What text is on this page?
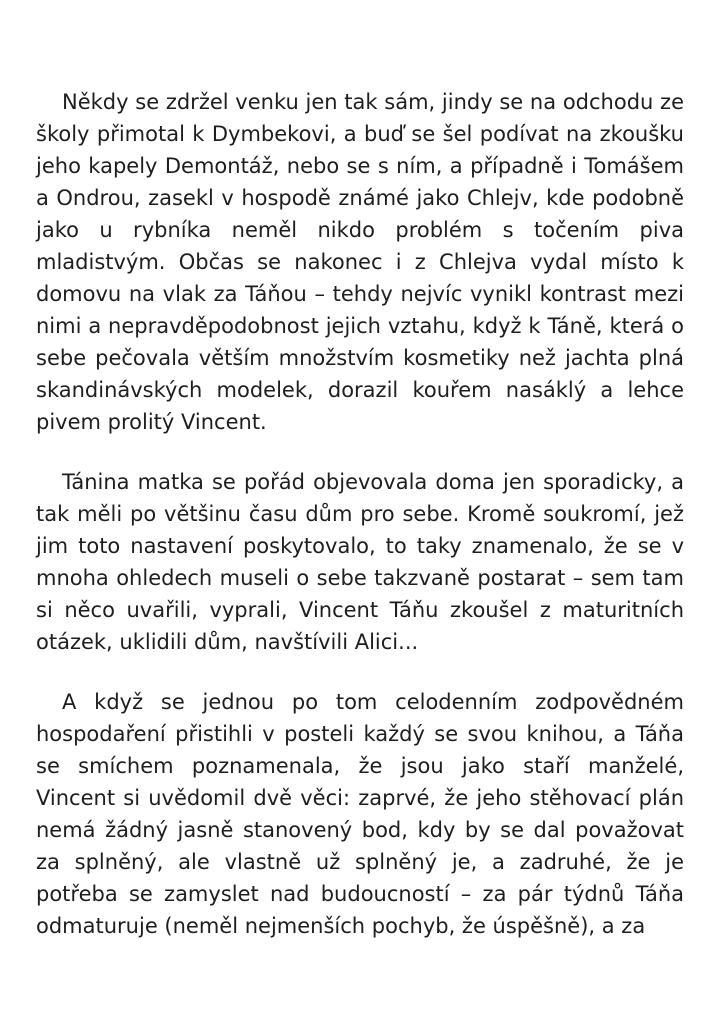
Někdy se zdržel venku jen tak sám, jindy se na odchodu ze školy přimotal k Dymbekovi, a buď se šel podívat na zkoušku jeho kapely Demontáž, nebo se s ním, a případně i Tomášem a Ondrou, zasekl v hospodě známé jako Chlejv, kde podobně jako u rybníka neměl nikdo problém s točením piva mladistvým. Občas se nakonec i z Chlejva vydal místo k domovu na vlak za Táňou – tehdy nejvíc vynikl kontrast mezi nimi a nepravděpodobnost jejich vztahu, když k Táně, která o sebe pečovala větším množstvím kosmetiky než jachta plná skandinávských modelek, dorazil kouřem nasáklý a lehce pivem prolitý Vincent.

Tánina matka se pořád objevovala doma jen sporadicky, a tak měli po většinu času dům pro sebe. Kromě soukromí, jež jim toto nastavení poskytovalo, to taky znamenalo, že se v mnoha ohledech museli o sebe takzvaně postarat – sem tam si něco uvařili, vyprali, Vincent Táňu zkoušel z maturitních otázek, uklidili dům, navštívili Alici...

A když se jednou po tom celodenním zodpovědném hospodaření přistihli v posteli každý se svou knihou, a Táňa se smíchem poznamenala, že jsou jako staří manželé, Vincent si uvědomil dvě věci: zaprvé, že jeho stěhovací plán nemá žádný jasně stanovený bod, kdy by se dal považovat za splněný, ale vlastně už splněný je, a zadruhé, že je potřeba se zamyslet nad budoucností – za pár týdnů Táňa odmaturuje (neměl nejmenších pochyb, že úspěšně), a za
